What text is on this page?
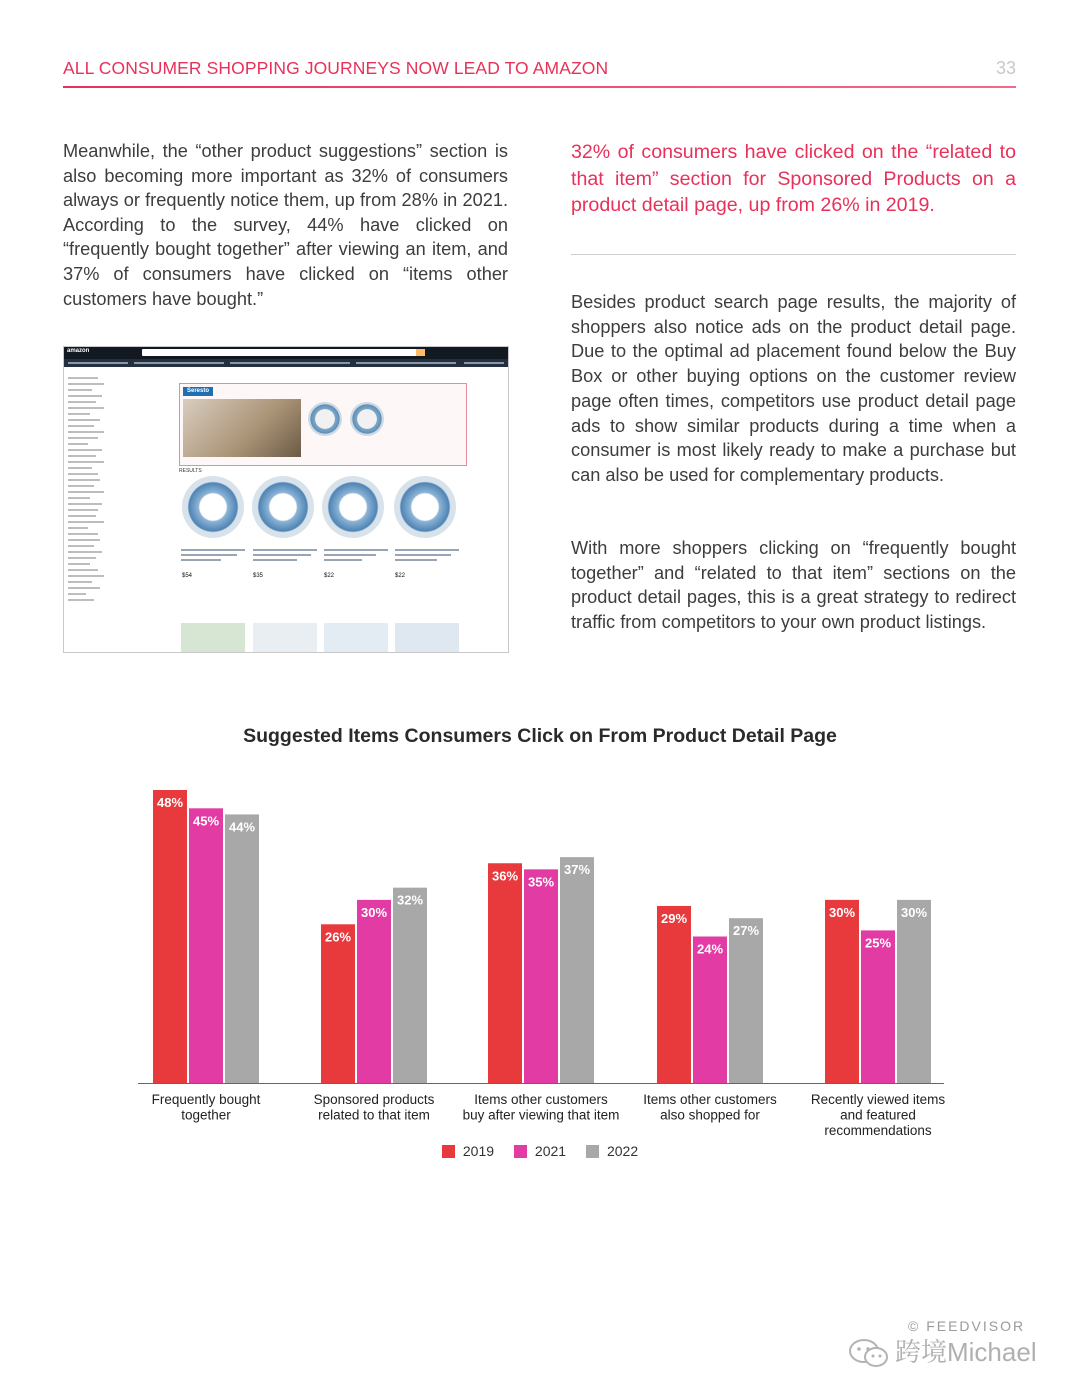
ALL CONSUMER SHOPPING JOURNEYS NOW LEAD TO AMAZON	33

Meanwhile, the “other product suggestions” section is also becoming more important as 32% of consumers always or frequently notice them, up from 28% in 2021. According to the survey, 44% have clicked on “frequently bought together” after viewing an item, and 37% of consumers have clicked on “items other customers have bought.”

32% of consumers have clicked on the “related to that item” section for Sponsored Products on a product detail page, up from 26% in 2019.

Besides product search page results, the majority of shoppers also notice ads on the product detail page. Due to the optimal ad placement found below the Buy Box or other buying options on the customer review page often times, competitors use product detail page ads to show similar products during a time when a consumer is most likely ready to make a purchase but can also be used for complementary products.

With more shoppers clicking on “frequently bought together” and “related to that item” sections on the product detail pages, this is a great strategy to redirect traffic from competitors to your own product listings.

amazon
Seresto
RESULTS
$54	$35	$22	$22
Suggested Items Consumers Click on From Product Detail Page
48%
45% 44%
Frequently bought
together
26%
30%
32%
Sponsored products
related to that item
36% 35%
37%
Items other customers
buy after viewing that item
29%
24%
27%
Items other customers
also shopped for
30%
25%
30%
Recently viewed items
and featured
recommendations
2019	2021	2022
© FEEDVISOR
跨境Michael
